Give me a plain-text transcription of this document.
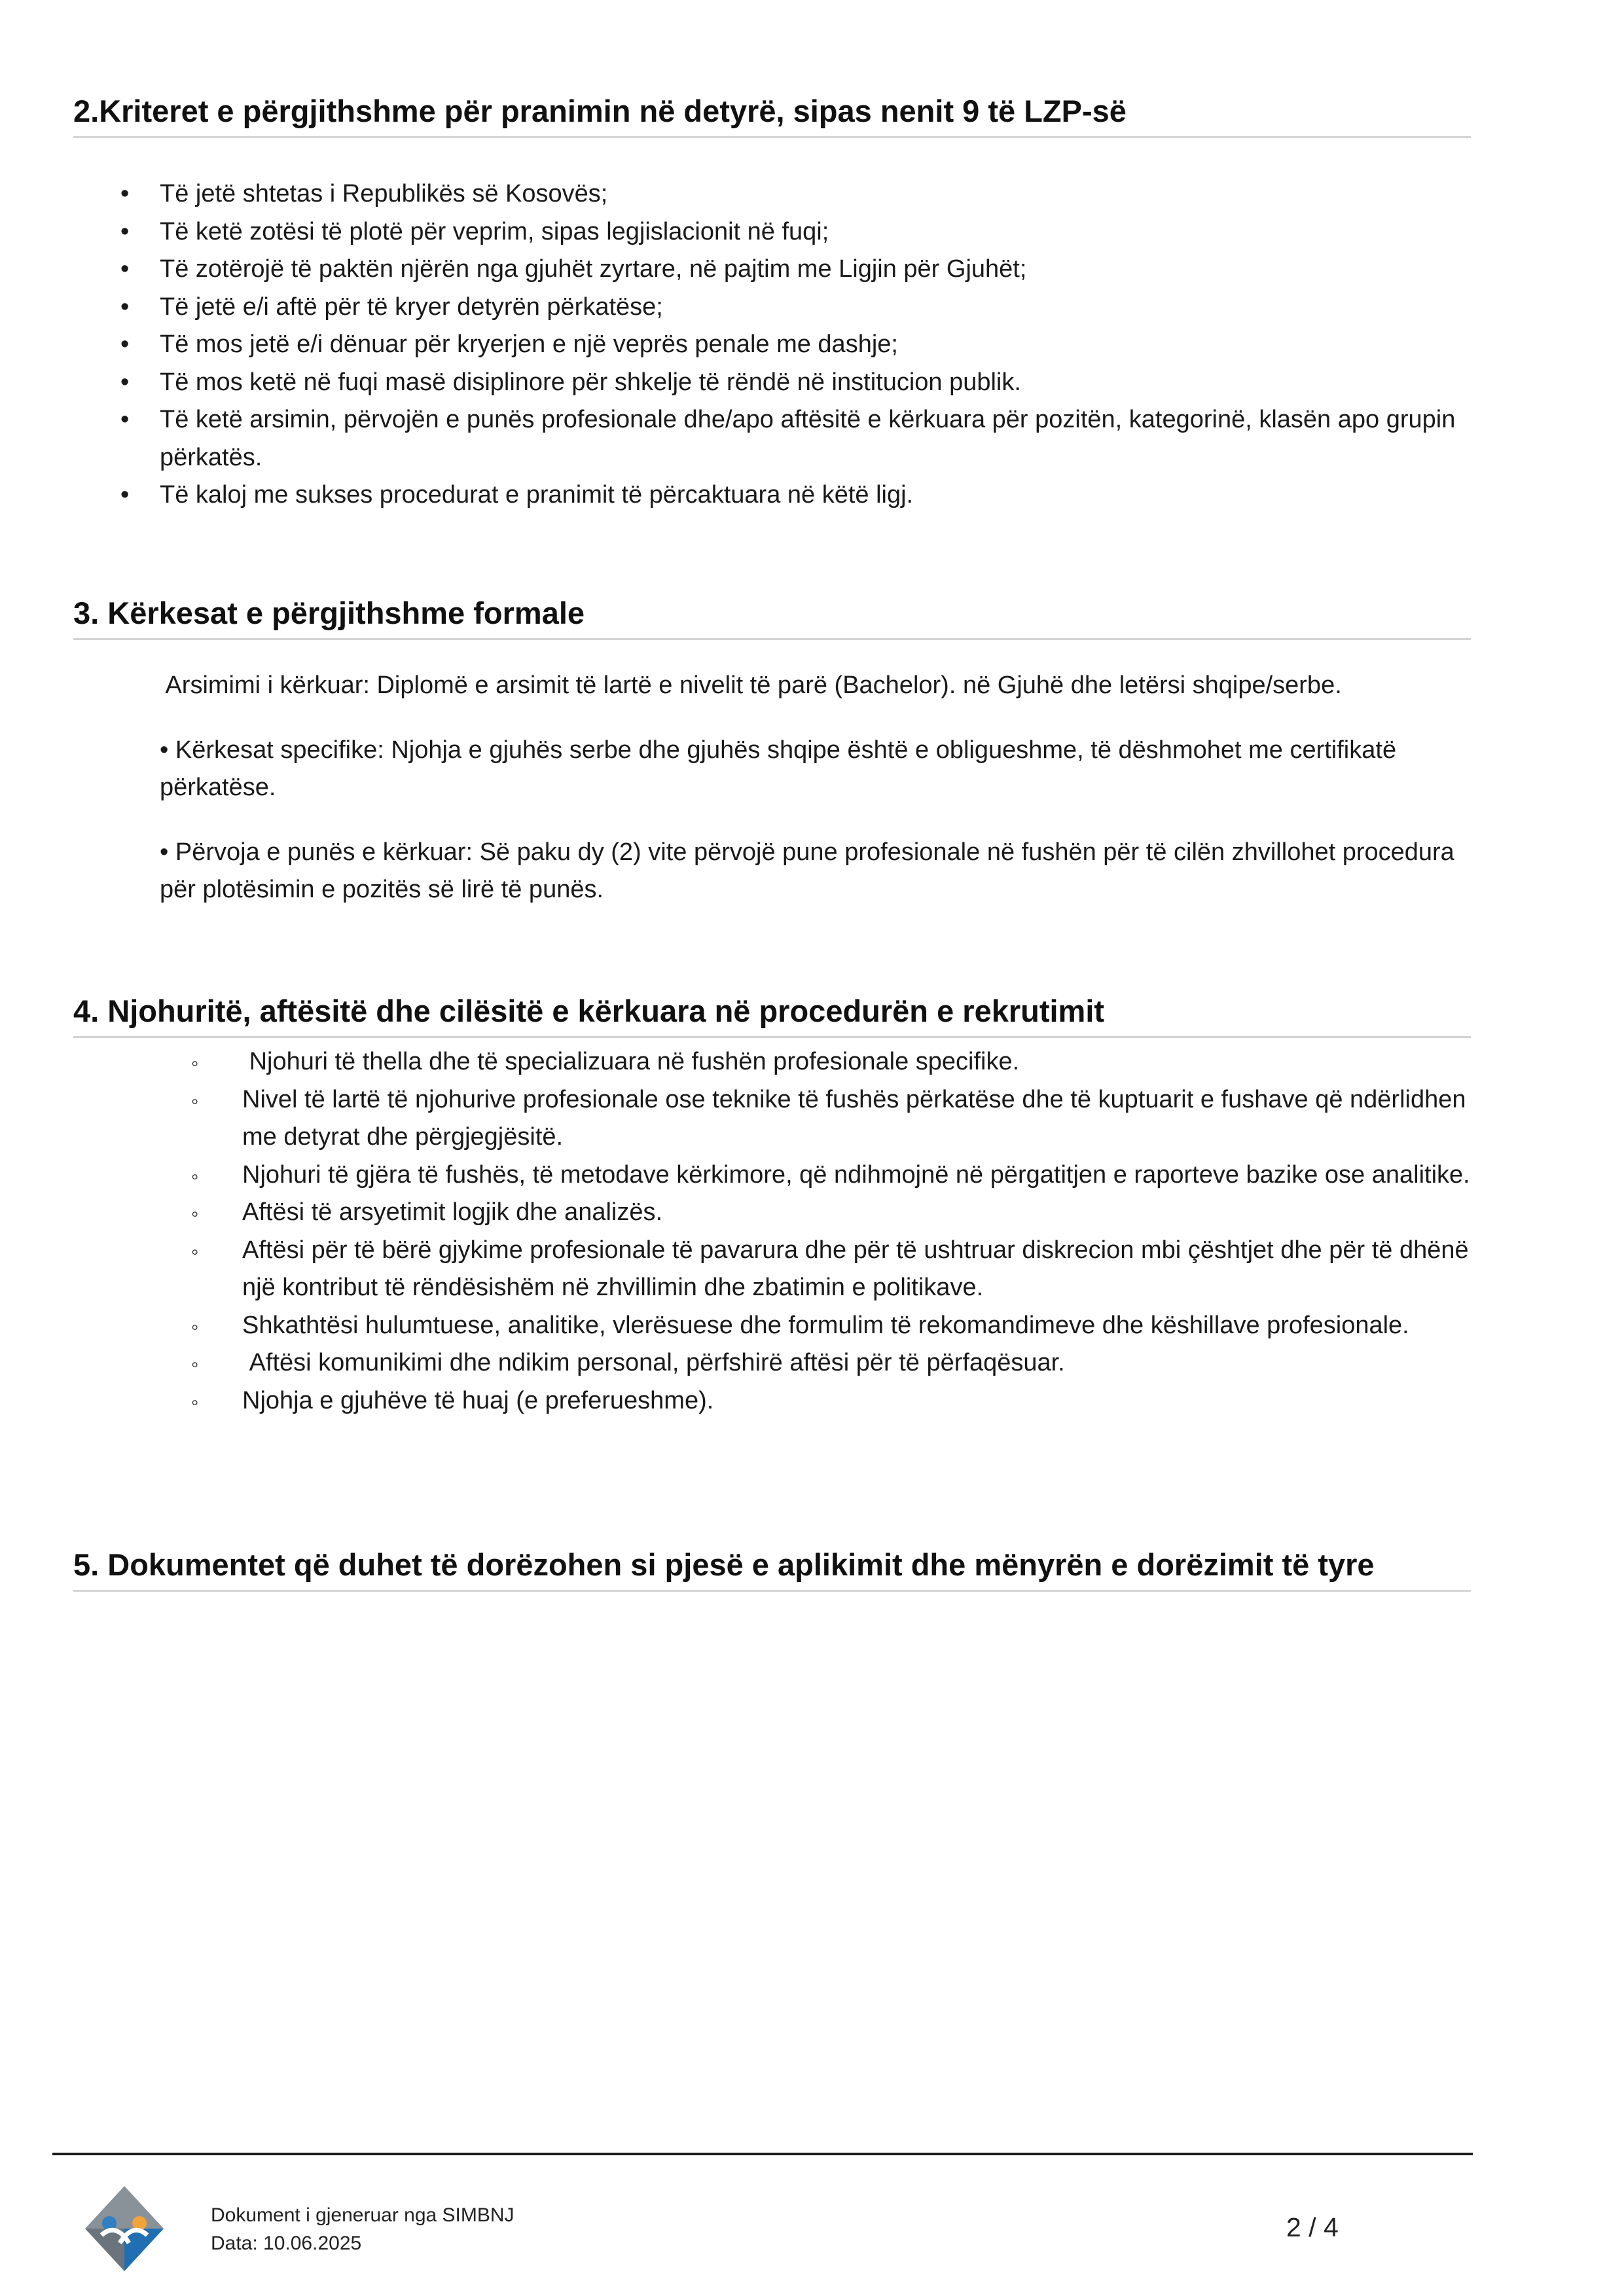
2.Kriteret e përgjithshme për pranimin në detyrë, sipas nenit 9 të LZP-së
• Të jetë shtetas i Republikës së Kosovës;
• Të ketë zotësi të plotë për veprim, sipas legjislacionit në fuqi;
• Të zotërojë të paktën njërën nga gjuhët zyrtare, në pajtim me Ligjin për Gjuhët;
• Të jetë e/i aftë për të kryer detyrën përkatëse;
• Të mos jetë e/i dënuar për kryerjen e një veprës penale me dashje;
• Të mos ketë në fuqi masë disiplinore për shkelje të rëndë në institucion publik.
• Të ketë arsimin, përvojën e punës profesionale dhe/apo aftësitë e kërkuara për pozitën, kategorinë, klasën apo grupin përkatës.
• Të kaloj me sukses procedurat e pranimit të përcaktuara në këtë ligj.
3. Kërkesat e përgjithshme formale
Arsimimi i kërkuar: Diplomë e arsimit të lartë e nivelit të parë (Bachelor). në Gjuhë dhe letërsi shqipe/serbe.
• Kërkesat specifike: Njohja e gjuhës serbe dhe gjuhës shqipe është e obligueshme, të dëshmohet me certifikatë përkatëse.
• Përvoja e punës e kërkuar: Së paku dy (2) vite përvojë pune profesionale në fushën për të cilën zhvillohet procedura për plotësimin e pozitës së lirë të punës.
4. Njohuritë, aftësitë dhe cilësitë e kërkuara në procedurën e rekrutimit
◦ Njohuri të thella dhe të specializuara në fushën profesionale specifike.
◦ Nivel të lartë të njohurive profesionale ose teknike të fushës përkatëse dhe të kuptuarit e fushave që ndërlidhen me detyrat dhe përgjegjësitë.
◦ Njohuri të gjëra të fushës, të metodave kërkimore, që ndihmojnë në përgatitjen e raporteve bazike ose analitike.
◦ Aftësi të arsyetimit logjik dhe analizës.
◦ Aftësi për të bërë gjykime profesionale të pavarura dhe për të ushtruar diskrecion mbi çështjet dhe për të dhënë një kontribut të rëndësishëm në zhvillimin dhe zbatimin e politikave.
◦ Shkathtësi hulumtuese, analitike, vlerësuese dhe formulim të rekomandimeve dhe këshillave profesionale.
◦ Aftësi komunikimi dhe ndikim personal, përfshirë aftësi për të përfaqësuar.
◦ Njohja e gjuhëve të huaj (e preferueshme).
5. Dokumentet që duhet të dorëzohen si pjesë e aplikimit dhe mënyrën e dorëzimit të tyre
Dokument i gjeneruar nga SIMBNJ
Data: 10.06.2025
2 / 4
